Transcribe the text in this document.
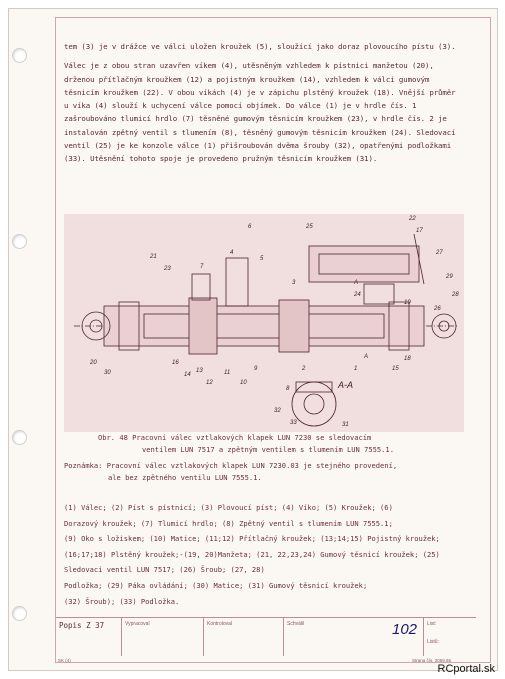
tem (3) je v drážce ve válci uložen kroužek (5), sloužící jako doraz plovoucího pístu (3).

Válec je z obou stran uzavřen víkem (4), utěsněným vzhledem k pístnici manžetou (20), drženou přítlačným kroužkem (12) a pojistným kroužkem (14), vzhledem k válci gumovým těsnicím kroužkem (22). V obou víkách (4) je v zápichu plstěný kroužek (18). Vnější průměr u víka (4) slouží k uchycení válce pomocí objímek. Do válce (1) je v hrdle čís. 1 zašroubováno tlumicí hrdlo (7) těsněné gumovým těsnicím kroužkem (23), v hrdle čís. 2 je instalován zpětný ventil s tlumením (8), těsněný gumovým těsnicím kroužkem (24). Sledovací ventil (25) je ke konzole válce (1) přišroubován dvěma šrouby (32), opatřenými podložkami (33). Utěsnění tohoto spoje je provedeno pružným těsnicím kroužkem (31).

6	25
22
17
27
21
23	7
4
5
3
24
19
28
29
26
32
8
A
A
16
14
13
12
11
10
9	2	1	15
18
20
30
31
33
A-A
Obr. 48 Pracovní válec vztlakových klapek LUN 7230 se sledovacím
ventilem LUN 7517 a zpětným ventilem s tlumením LUN 7555.1.
Poznámka: Pracovní válec vztlakových klapek LUN 7230.03 je stejného provedení,
ale bez zpětného ventilu LUN 7555.1.
(1) Válec; (2) Píst s pístnicí; (3) Plovoucí píst; (4) Víko; (5) Kroužek; (6)
Dorazový kroužek; (7) Tlumicí hrdlo; (8) Zpětný ventil s tlumením LUN 7555.1;
(9) Oko s ložiskem; (10) Matice; (11;12) Přítlačný kroužek; (13;14;15) Pojistný kroužek; (16;17;18) Plstěný kroužek;-(19, 20)Manžeta; (21, 22,23,24) Gumový těsnicí kroužek; (25) Sledovací ventil LUN 7517; (26) Šroub; (27, 28)
Podložka; (29) Páka ovládání; (30) Matice; (31) Gumový těsnicí kroužek;
(32) Šroub); (33) Podložka.
Popis Z 37	Vypracoval	Kontroloval	Schválil	List:
Listů:
102
SK (4)	Strana čís. 2059.66
RCportal.sk
